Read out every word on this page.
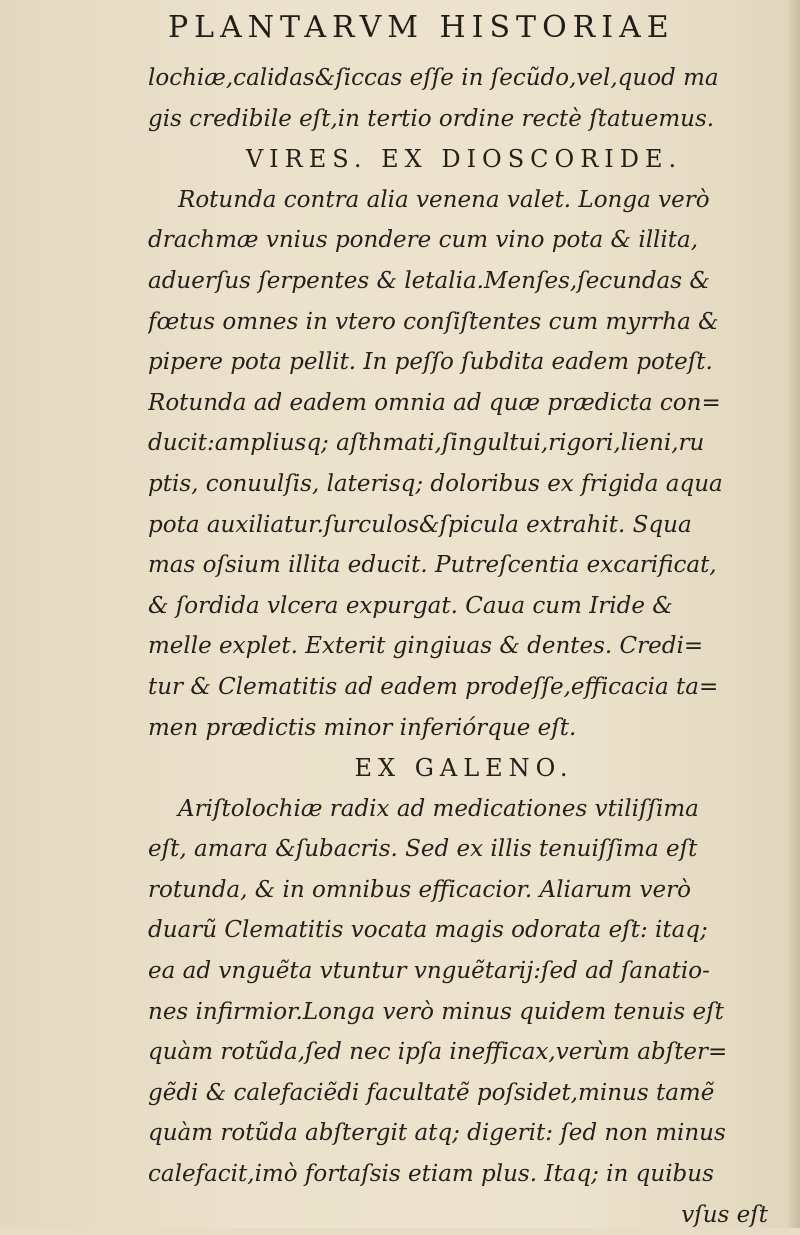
PLANTARVM HISTORIAE
lochiæ,calidas&ſiccas eſſe in ſecũdo,vel,quod ma
gis credibile eſt,in tertio ordine rectè ſtatuemus.
VIRES. EX DIOSCORIDE.
Rotunda contra alia venena valet. Longa verò
drachmæ vnius pondere cum vino pota & illita,
aduerſus ſerpentes & letalia.Menſes,ſecundas &
fœtus omnes in vtero conſiſtentes cum myrrha &
pipere pota pellit. In peſſo ſubdita eadem poteſt.
Rotunda ad eadem omnia ad quæ prædicta con=
ducit:ampliusq; aſthmati,ſingultui,rigori,lieni,ru
ptis, conuulſis, laterisq; doloribus ex frigida aqua
pota auxiliatur.ſurculos&ſpicula extrahit. Squa
mas oſsium illita educit. Putreſcentia excarificat,
& ſordida vlcera expurgat. Caua cum Iride &
melle explet. Exterit gingiuas & dentes. Credi=
tur & Clematitis ad eadem prodeſſe,efficacia ta=
men prædictis minor inferiórque eſt.
EX GALENO.
Ariſtolochiæ radix ad medicationes vtiliſſima
eſt, amara &ſubacris. Sed ex illis tenuiſſima eſt
rotunda, & in omnibus efficacior. Aliarum verò
duarũ Clematitis vocata magis odorata eſt: itaq;
ea ad vnguẽta vtuntur vnguẽtarij:ſed ad ſanatio-
nes infirmior.Longa verò minus quidem tenuis eſt
quàm rotũda,ſed nec ipſa inefficax,verùm abſter=
gẽdi & calefaciẽdi facultatẽ poſsidet,minus tamẽ
quàm rotũda abſtergit atq; digerit: ſed non minus
calefacit,imò fortaſsis etiam plus. Itaq; in quibus
vſus eſt
